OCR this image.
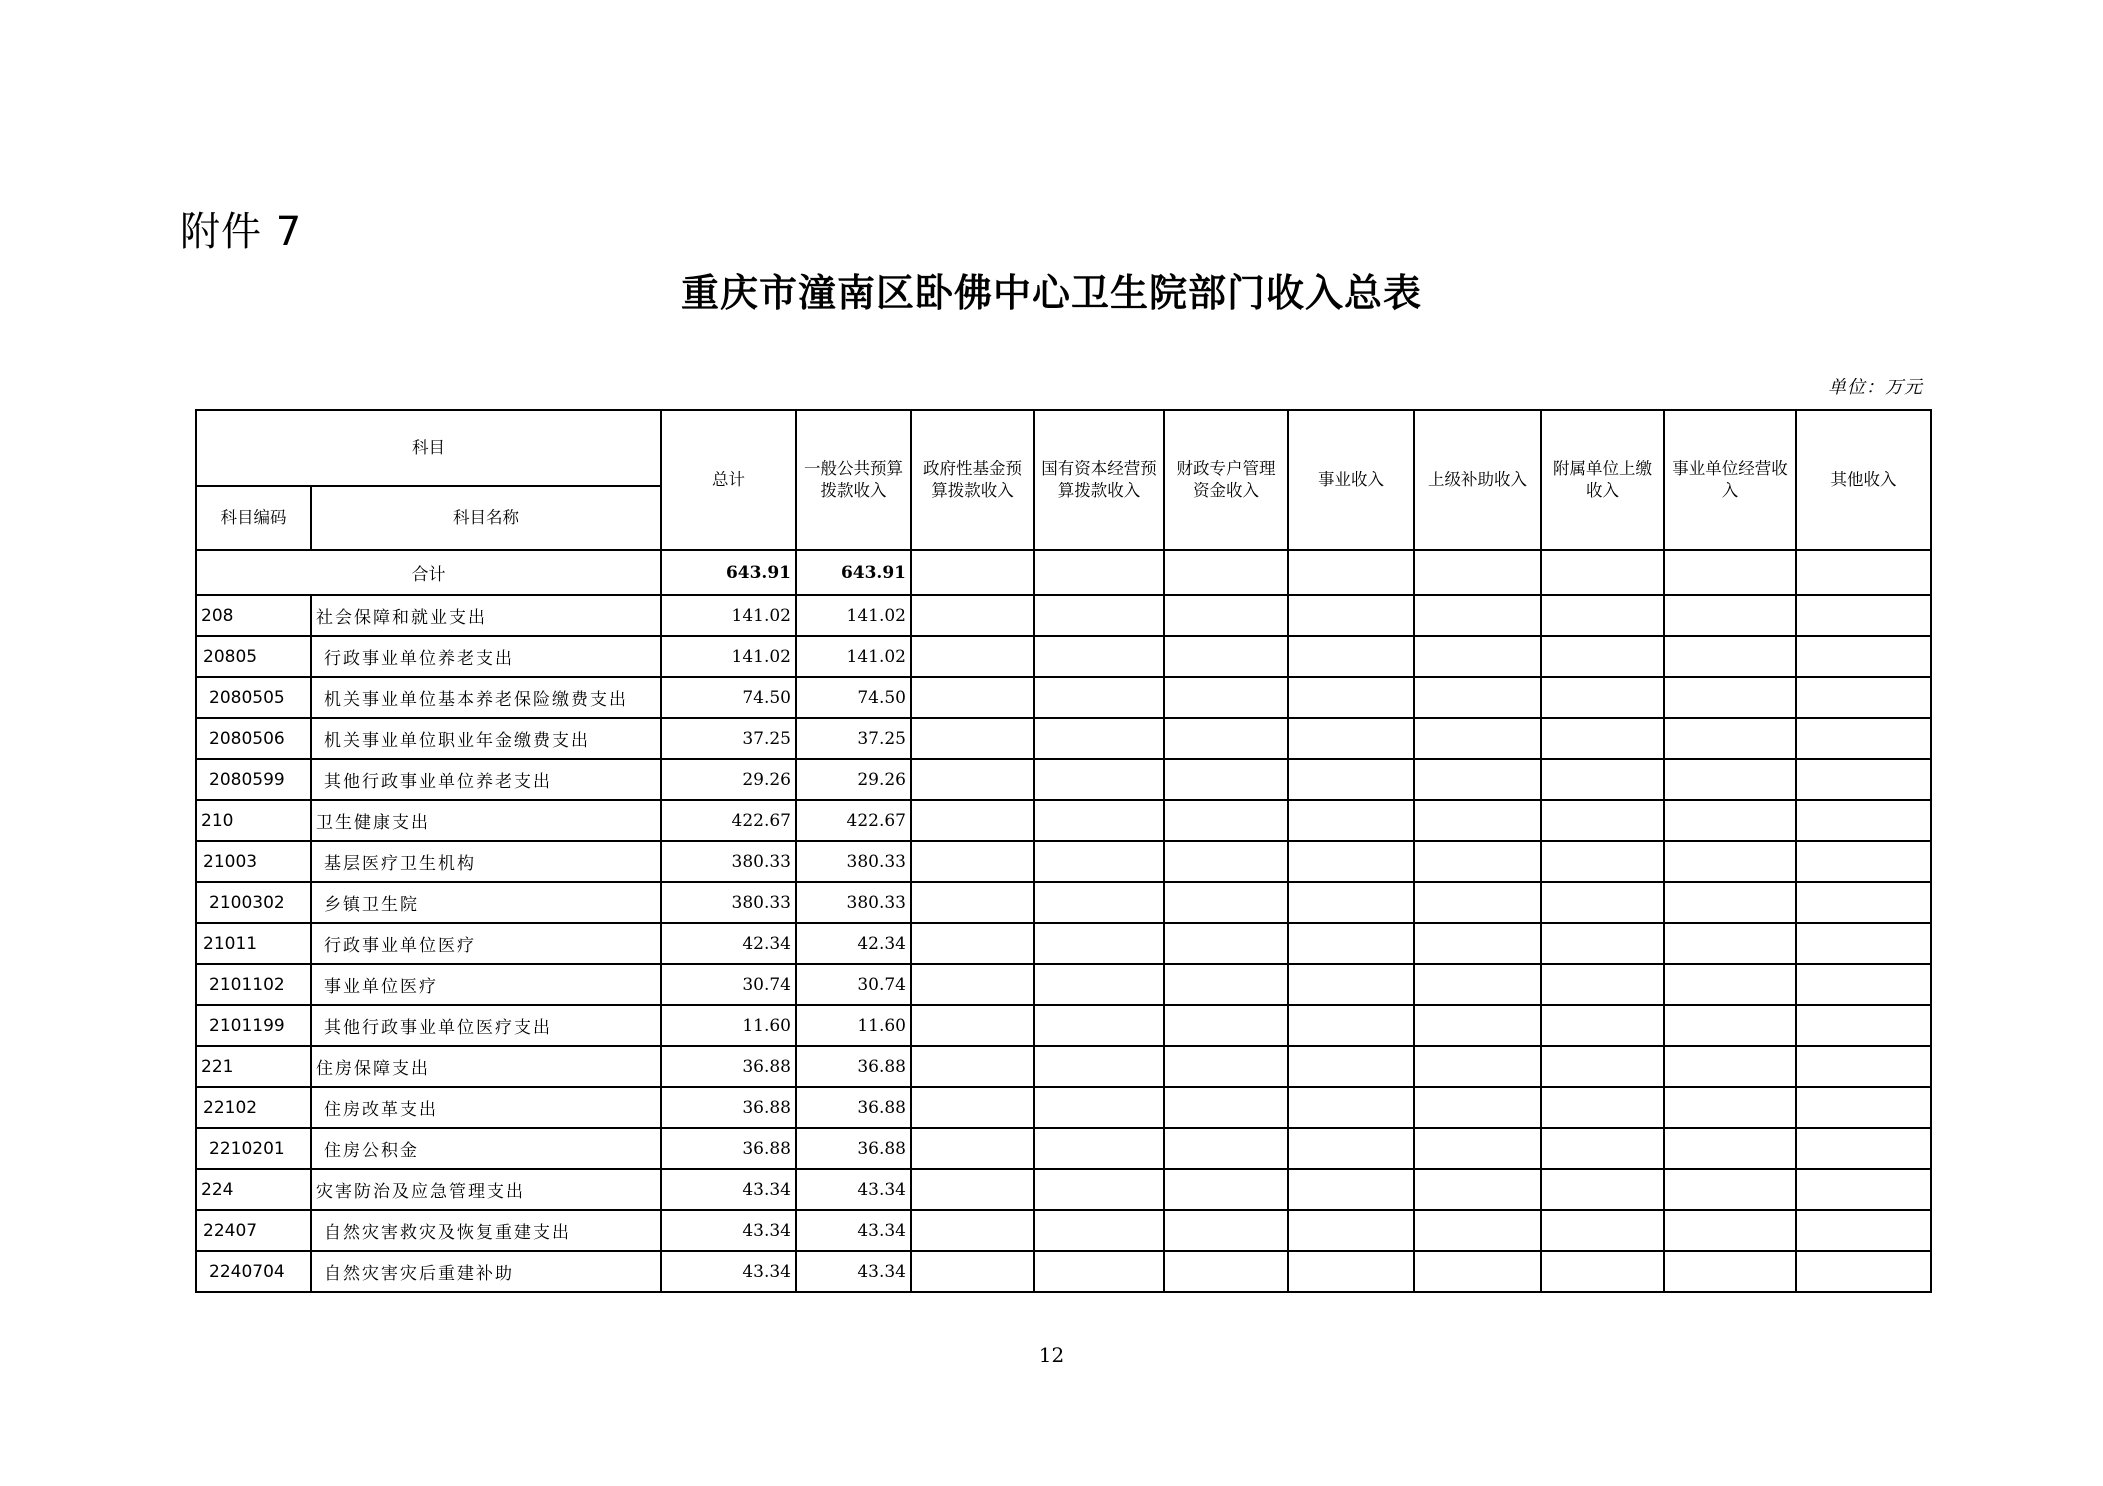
附件 7
重庆市潼南区卧佛中心卫生院部门收入总表
单位：万元
科目		总计	一般公共预算拨款收入	政府性基金预算拨款收入	国有资本经营预算拨款收入	财政专户管理资金收入	事业收入	上级补助收入	附属单位上缴收入	事业单位经营收入	其他收入
科目编码	科目名称										
合计		643.91	643.91								
208	社会保障和就业支出	141.02	141.02								
20805	行政事业单位养老支出	141.02	141.02								
2080505	机关事业单位基本养老保险缴费支出	74.50	74.50								
2080506	机关事业单位职业年金缴费支出	37.25	37.25								
2080599	其他行政事业单位养老支出	29.26	29.26								
210	卫生健康支出	422.67	422.67								
21003	基层医疗卫生机构	380.33	380.33								
2100302	乡镇卫生院	380.33	380.33								
21011	行政事业单位医疗	42.34	42.34								
2101102	事业单位医疗	30.74	30.74								
2101199	其他行政事业单位医疗支出	11.60	11.60								
221	住房保障支出	36.88	36.88								
22102	住房改革支出	36.88	36.88								
2210201	住房公积金	36.88	36.88								
224	灾害防治及应急管理支出	43.34	43.34								
22407	自然灾害救灾及恢复重建支出	43.34	43.34								
2240704	自然灾害灾后重建补助	43.34	43.34								
12
